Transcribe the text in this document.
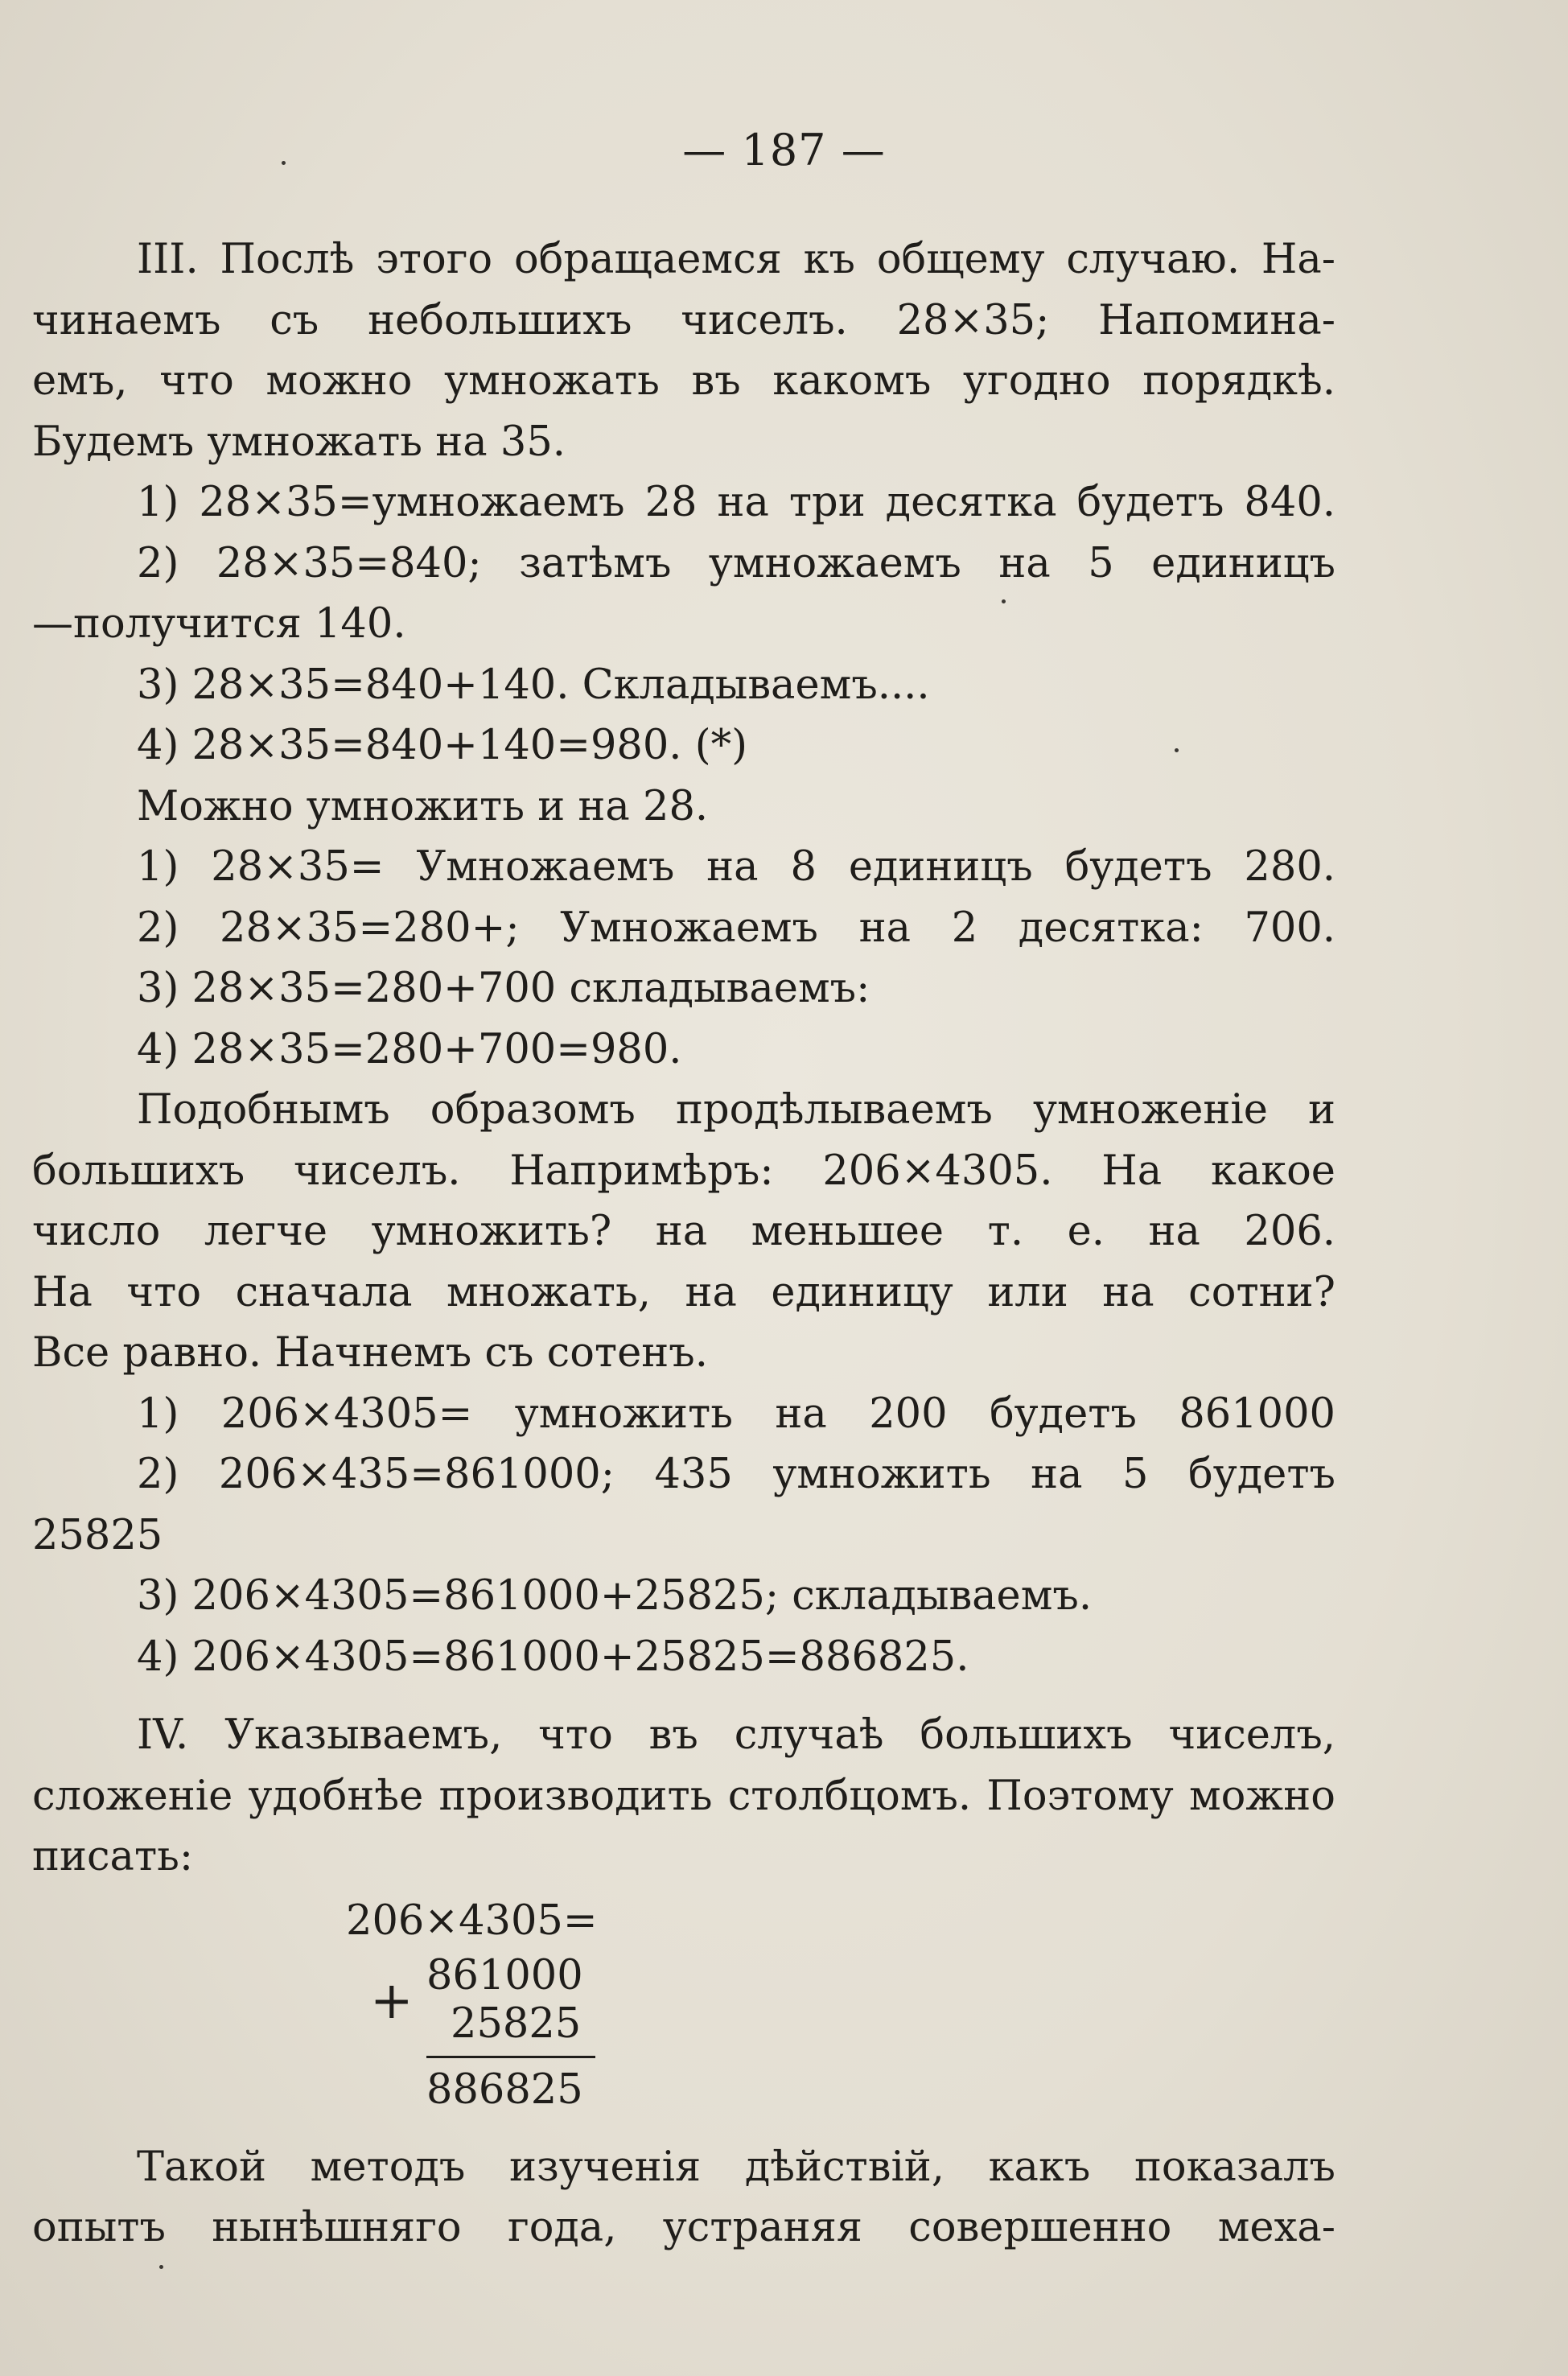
— 187 —

III. Послѣ этого обращаемся къ общему случаю. На-

чинаемъ съ небольшихъ чиселъ. 28×35; Напомина-

емъ, что можно умножать въ какомъ угодно порядкѣ.

Будемъ умножать на 35.

1) 28×35=умножаемъ 28 на три десятка будетъ 840.

2) 28×35=840; затѣмъ умножаемъ на 5 единицъ

—получится 140.

3) 28×35=840+140. Складываемъ....

4) 28×35=840+140=980. (*)

Можно умножить и на 28.

1) 28×35= Умножаемъ на 8 единицъ будетъ 280.

2) 28×35=280+; Умножаемъ на 2 десятка: 700.

3) 28×35=280+700 складываемъ:

4) 28×35=280+700=980.

Подобнымъ образомъ продѣлываемъ умноженіе и

большихъ чиселъ. Напримѣръ: 206×4305. На какое

число легче умножить? на меньшее т. е. на 206.

На что сначала множать, на единицу или на сотни?

Все равно. Начнемъ съ сотенъ.

1) 206×4305= умножить на 200 будетъ 861000

2) 206×435=861000; 435 умножить на 5 будетъ

25825

3) 206×4305=861000+25825; складываемъ.

4) 206×4305=861000+25825=886825.

IV. Указываемъ, что въ случаѣ большихъ чиселъ,

сложеніе удобнѣе производить столбцомъ. Поэтому можно

писать:

206×4305=
+ 861000
25825
886825

Такой методъ изученія дѣйствій, какъ показалъ

опытъ нынѣшняго года, устраняя совершенно меха-
